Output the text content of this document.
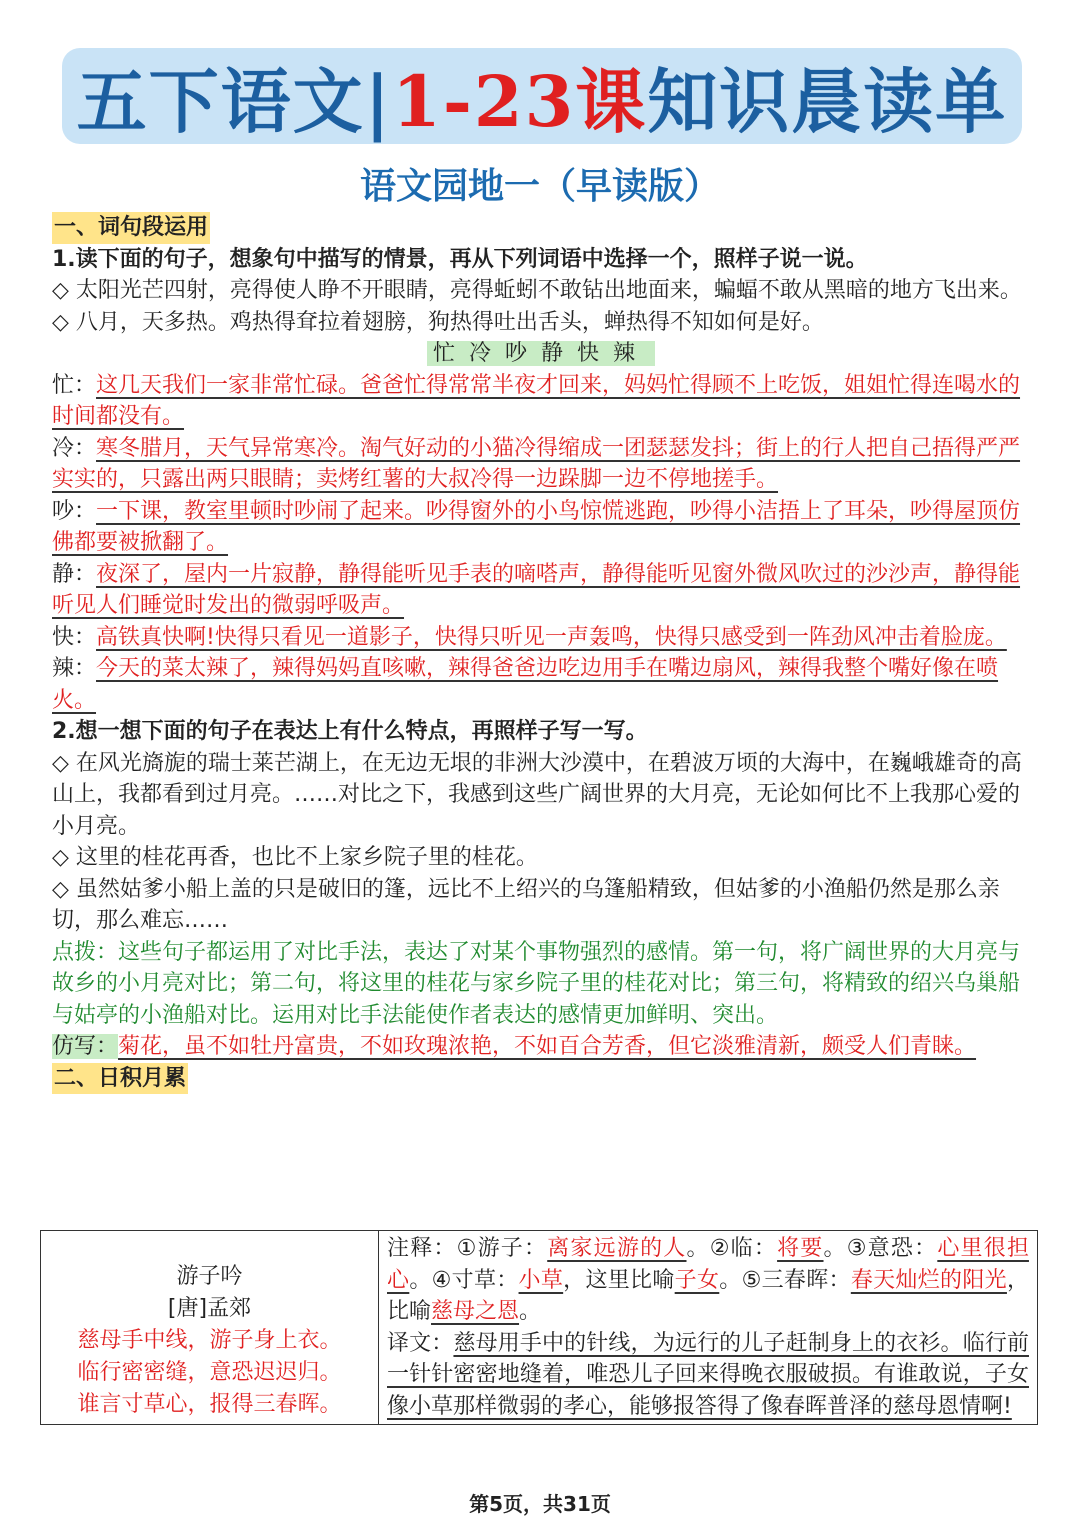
五下语文| 1-23课 知识晨读单
语文园地一（早读版）

一、词句段运用

1.读下面的句子，想象句中描写的情景，再从下列词语中选择一个，照样子说一说。

◇ 太阳光芒四射，亮得使人睁不开眼睛，亮得蚯蚓不敢钻出地面来，蝙蝠不敢从黑暗的地方飞出来。

◇ 八月，天多热。鸡热得耷拉着翅膀，狗热得吐出舌头，蝉热得不知如何是好。

忙冷吵静快辣

忙：这几天我们一家非常忙碌。爸爸忙得常常半夜才回来，妈妈忙得顾不上吃饭，姐姐忙得连喝水的时间都没有。

冷：寒冬腊月，天气异常寒冷。淘气好动的小猫冷得缩成一团瑟瑟发抖；街上的行人把自己捂得严严实实的，只露出两只眼睛；卖烤红薯的大叔冷得一边跺脚一边不停地搓手。

吵：一下课，教室里顿时吵闹了起来。吵得窗外的小鸟惊慌逃跑，吵得小洁捂上了耳朵，吵得屋顶仿佛都要被掀翻了。

静：夜深了，屋内一片寂静，静得能听见手表的嘀嗒声，静得能听见窗外微风吹过的沙沙声，静得能听见人们睡觉时发出的微弱呼吸声。

快：高铁真快啊!快得只看见一道影子，快得只听见一声轰鸣，快得只感受到一阵劲风冲击着脸庞。

辣：今天的菜太辣了，辣得妈妈直咳嗽，辣得爸爸边吃边用手在嘴边扇风，辣得我整个嘴好像在喷火。

2.想一想下面的句子在表达上有什么特点，再照样子写一写。

◇ 在风光旖旎的瑞士莱芒湖上，在无边无垠的非洲大沙漠中，在碧波万顷的大海中，在巍峨雄奇的高山上，我都看到过月亮。……对比之下，我感到这些广阔世界的大月亮，无论如何比不上我那心爱的小月亮。

◇ 这里的桂花再香，也比不上家乡院子里的桂花。

◇ 虽然姑爹小船上盖的只是破旧的篷，远比不上绍兴的乌篷船精致，但姑爹的小渔船仍然是那么亲切，那么难忘……

点拨：这些句子都运用了对比手法，表达了对某个事物强烈的感情。第一句，将广阔世界的大月亮与故乡的小月亮对比；第二句，将这里的桂花与家乡院子里的桂花对比；第三句，将精致的绍兴乌巢船与姑亭的小渔船对比。运用对比手法能使作者表达的感情更加鲜明、突出。

仿写：菊花，虽不如牡丹富贵，不如玫瑰浓艳，不如百合芳香，但它淡雅清新，颇受人们青睐。

二、日积月累

游子吟
[唐]孟郊
慈母手中线，游子身上衣。
临行密密缝，意恐迟迟归。
谁言寸草心，报得三春晖。

注释：①游子：离家远游的人。②临：将要。③意恐：心里很担心。④寸草：小草，这里比喻子女。⑤三春晖：春天灿烂的阳光，比喻慈母之恩。
译文：慈母用手中的针线，为远行的儿子赶制身上的衣衫。临行前一针针密密地缝着，唯恐儿子回来得晚衣服破损。有谁敢说，子女像小草那样微弱的孝心，能够报答得了像春晖普泽的慈母恩情啊!
第5页，共31页
